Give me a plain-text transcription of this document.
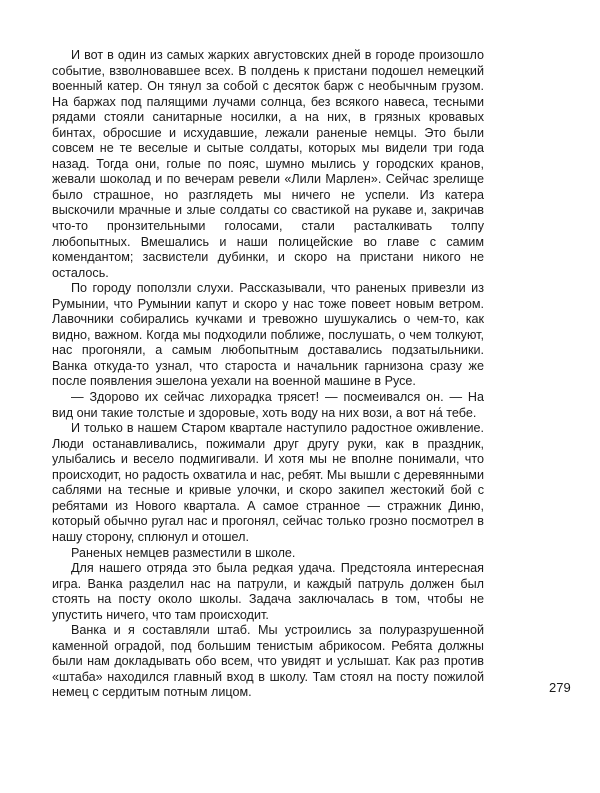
И вот в один из самых жарких августовских дней в городе произошло событие, взволновавшее всех. В полдень к пристани подошел немецкий военный катер. Он тянул за собой с десяток барж с необычным грузом. На баржах под палящими лучами солнца, без всякого навеса, тесными рядами стояли санитарные носилки, а на них, в грязных кровавых бинтах, обросшие и исхудавшие, лежали раненые немцы. Это были совсем не те веселые и сытые солдаты, которых мы видели три года назад. Тогда они, голые по пояс, шумно мылись у городских кранов, жевали шоколад и по вечерам ревели «Лили Марлен». Сейчас зрелище было страшное, но разглядеть мы ничего не успели. Из катера выскочили мрачные и злые солдаты со свастикой на рукаве и, закричав что-то пронзительными голосами, стали расталкивать толпу любопытных. Вмешались и наши полицейские во главе с самим комендантом; засвистели дубинки, и скоро на пристани никого не осталось.

По городу поползли слухи. Рассказывали, что раненых привезли из Румынии, что Румынии капут и скоро у нас тоже повеет новым ветром. Лавочники собирались кучками и тревожно шушукались о чем-то, как видно, важном. Когда мы подходили поближе, послушать, о чем толкуют, нас прогоняли, а самым любопытным доставались подзатыльники. Ванка откуда-то узнал, что староста и начальник гарнизона сразу же после появления эшелона уехали на военной машине в Русе.

— Здорово их сейчас лихорадка трясет! — посмеивался он. — На вид они такие толстые и здоровые, хоть воду на них вози, а вот на́ тебе.

И только в нашем Старом квартале наступило радостное оживление. Люди останавливались, пожимали друг другу руки, как в праздник, улыбались и весело подмигивали. И хотя мы не вполне понимали, что происходит, но радость охватила и нас, ребят. Мы вышли с деревянными саблями на тесные и кривые улочки, и скоро закипел жестокий бой с ребятами из Нового квартала. А самое странное — стражник Диню, который обычно ругал нас и прогонял, сейчас только грозно посмотрел в нашу сторону, сплюнул и отошел.

Раненых немцев разместили в школе.

Для нашего отряда это была редкая удача. Предстояла интересная игра. Ванка разделил нас на патрули, и каждый патруль должен был стоять на посту около школы. Задача заключалась в том, чтобы не упустить ничего, что там происходит.

Ванка и я составляли штаб. Мы устроились за полуразрушенной каменной оградой, под большим тенистым абрикосом. Ребята должны были нам докладывать обо всем, что увидят и услышат. Как раз против «штаба» находился главный вход в школу. Там стоял на посту пожилой немец с сердитым потным лицом.	279
